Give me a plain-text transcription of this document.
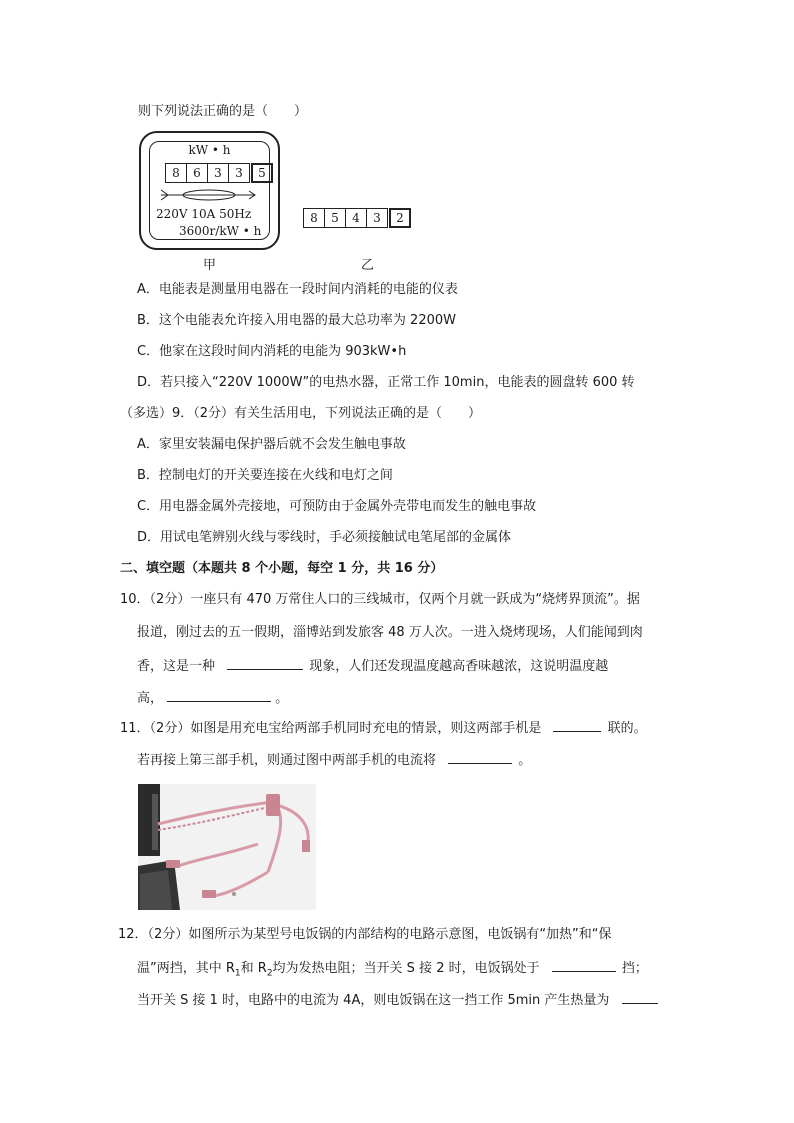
则下列说法正确的是（　　）
kW • h
8	6	3	3	5
220V 10A 50Hz
3600r/kW • h
甲
8	5	4	3	2
乙
A．电能表是测量用电器在一段时间内消耗的电能的仪表
B．这个电能表允许接入用电器的最大总功率为 2200W
C．他家在这段时间内消耗的电能为 903kW•h
D．若只接入“220V 1000W”的电热水器，正常工作 10min，电能表的圆盘转 600 转
（多选）9．（2分）有关生活用电，下列说法正确的是（　　）
A．家里安装漏电保护器后就不会发生触电事故
B．控制电灯的开关要连接在火线和电灯之间
C．用电器金属外壳接地，可预防由于金属外壳带电而发生的触电事故
D．用试电笔辨别火线与零线时，手必须接触试电笔尾部的金属体
二、填空题（本题共 8 个小题，每空 1 分，共 16 分）
10．（2分）一座只有 470 万常住人口的三线城市，仅两个月就一跃成为“烧烤界顶流”。据
报道，刚过去的五一假期，淄博站到发旅客 48 万人次。一进入烧烤现场，人们能闻到肉
香，这是一种	现象，人们还发现温度越高香味越浓，这说明温度越
高，	。
11．（2分）如图是用充电宝给两部手机同时充电的情景，则这两部手机是	联的。
若再接上第三部手机，则通过图中两部手机的电流将	。
12．（2分）如图所示为某型号电饭锅的内部结构的电路示意图，电饭锅有“加热”和“保
温”两挡，其中 $R_1$和 $R_2$均为发热电阻；当开关 S 接 2 时，电饭锅处于	挡；
当开关 S 接 1 时，电路中的电流为 4A，则电饭锅在这一挡工作 5min 产生热量为
